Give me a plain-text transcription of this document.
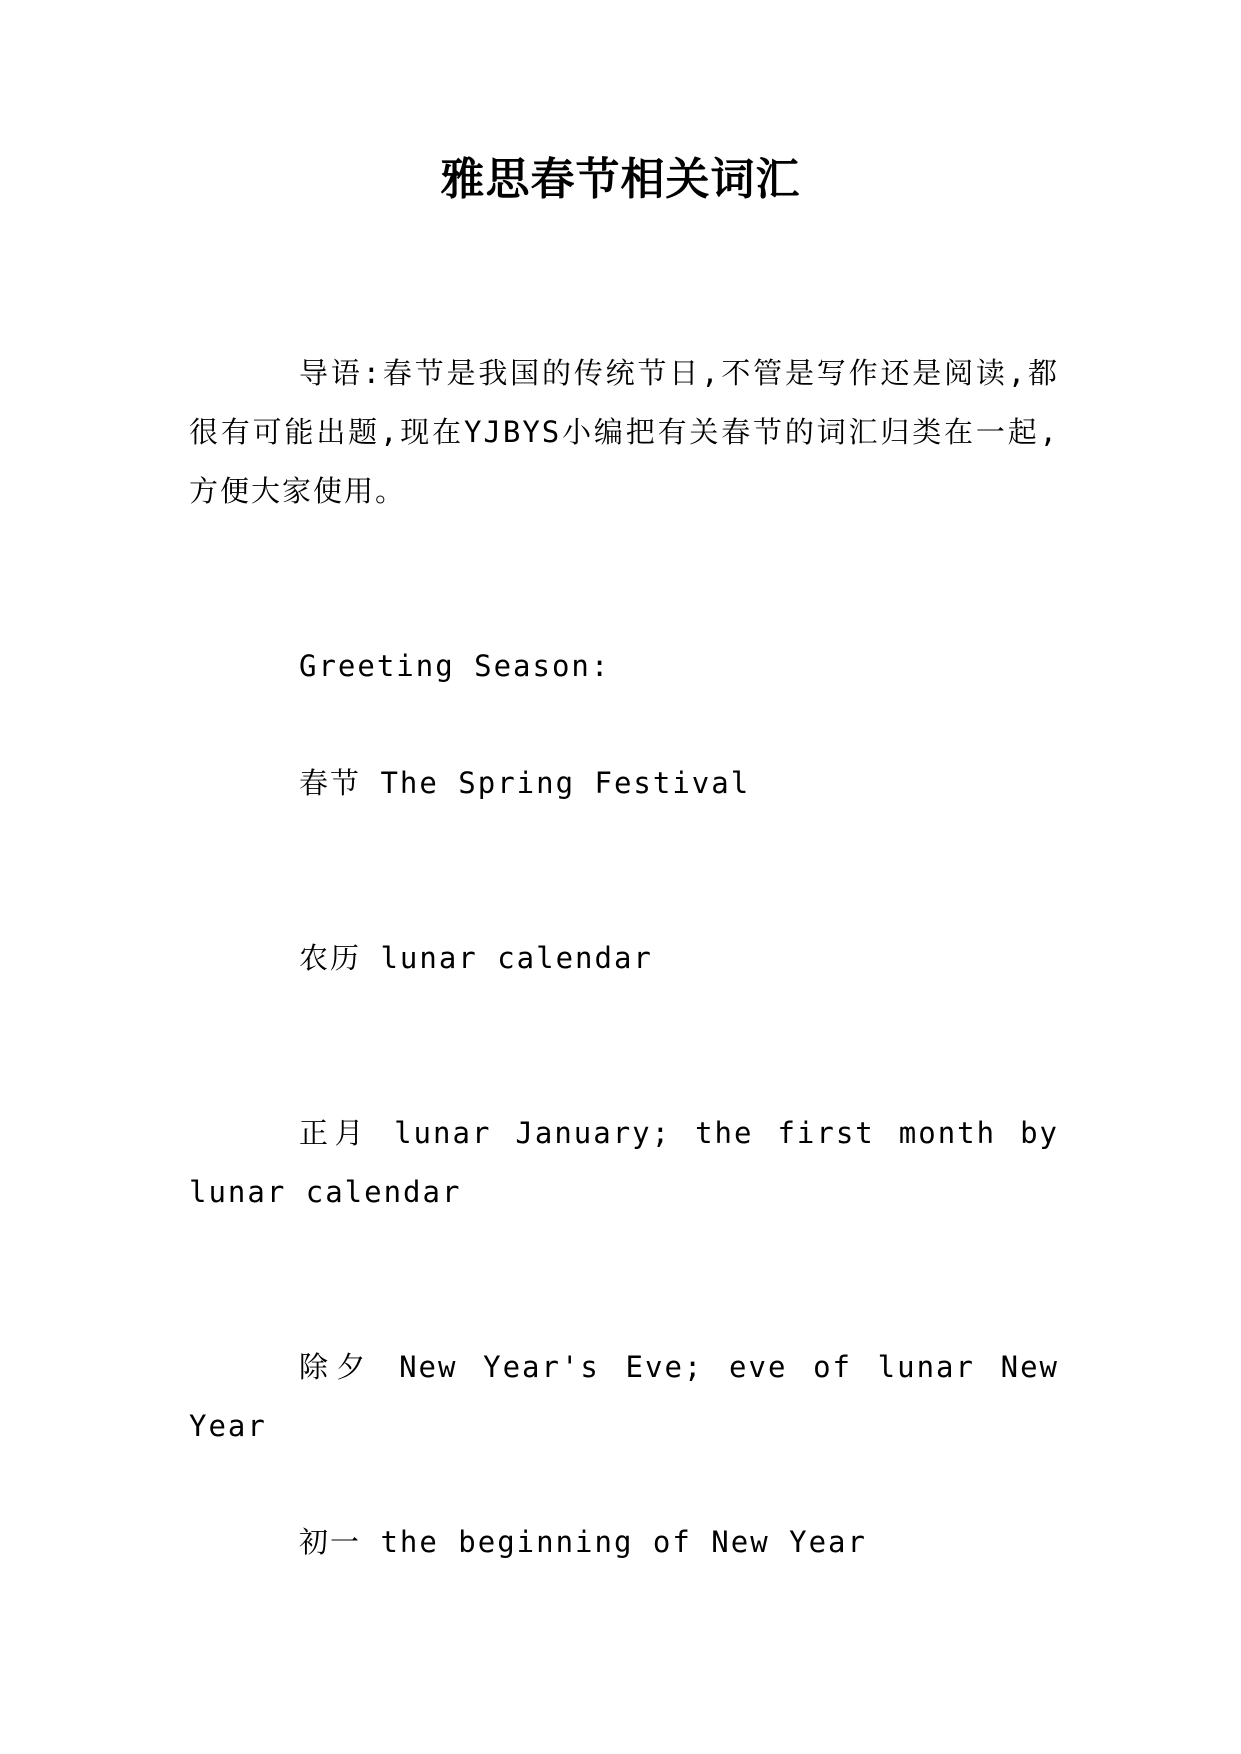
雅思春节相关词汇

导语:春节是我国的传统节日,不管是写作还是阅读,都很有可能出题,现在YJBYS小编把有关春节的词汇归类在一起,方便大家使用。

Greeting Season:

春节 The Spring Festival

农历 lunar calendar

正月 lunar January; the first month by lunar calendar

除夕 New Year's Eve; eve of lunar New Year

初一 the beginning of New Year
